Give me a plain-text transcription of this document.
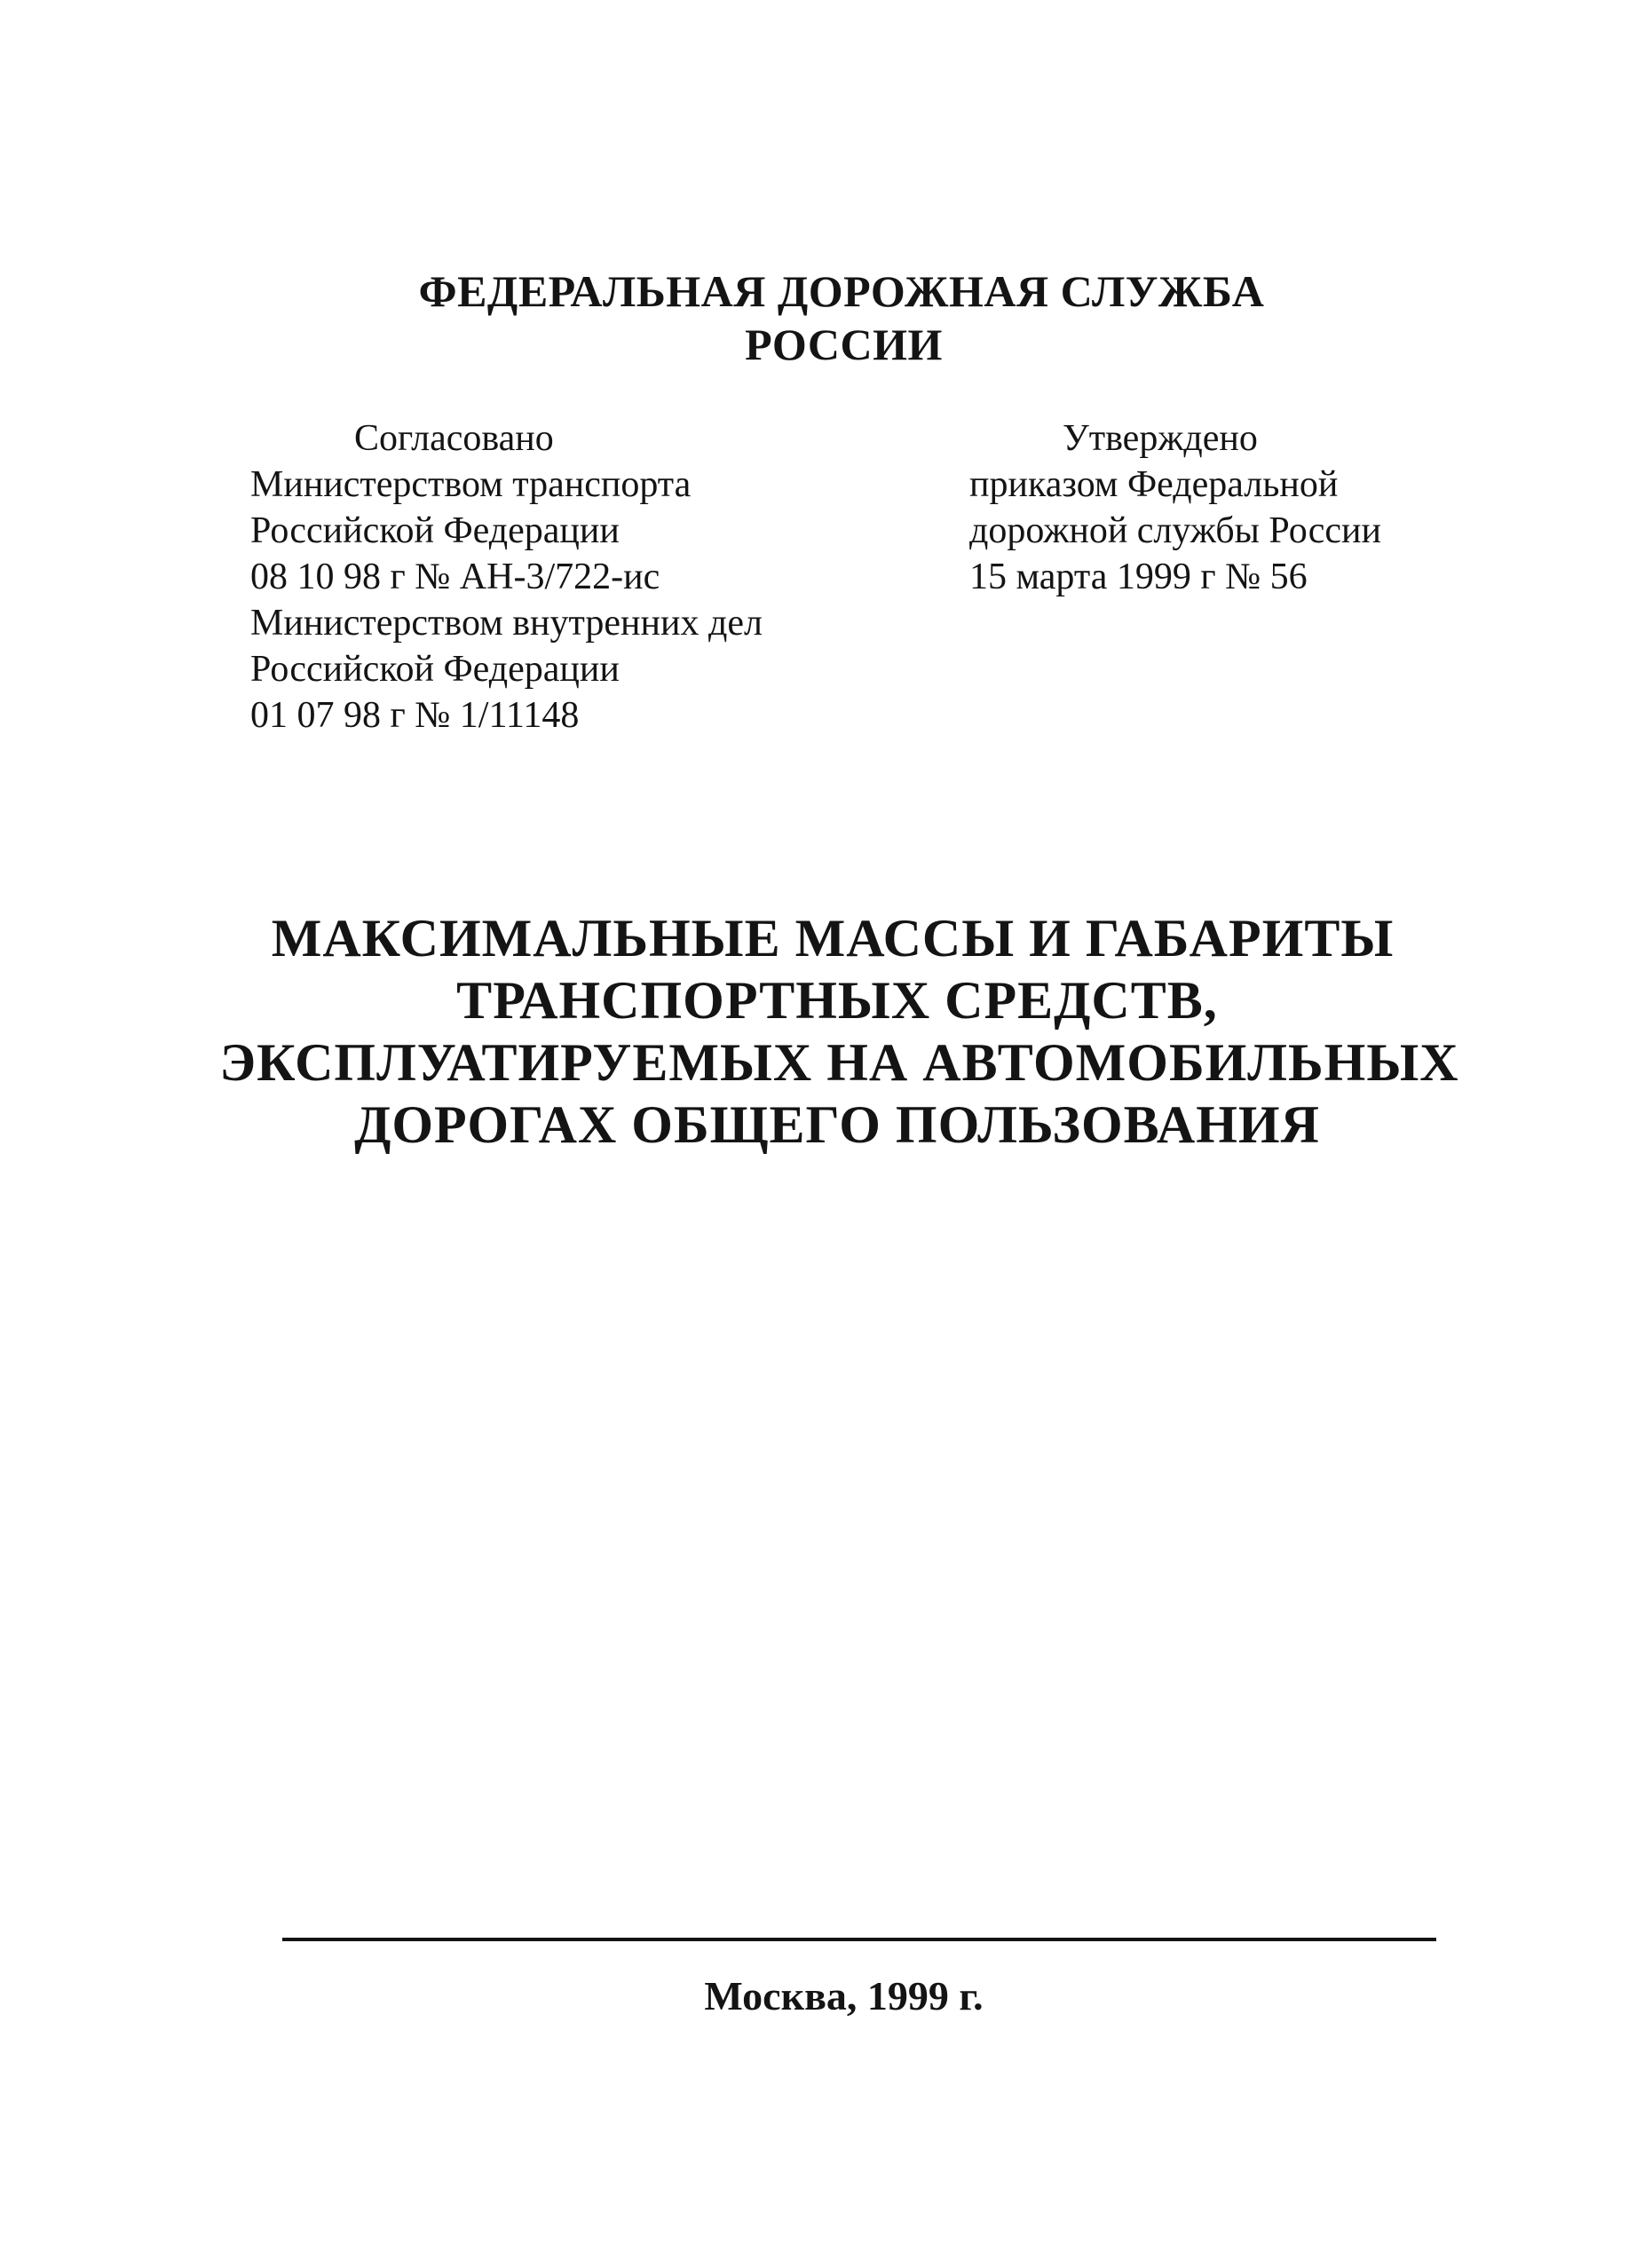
ФЕДЕРАЛЬНАЯ ДОРОЖНАЯ СЛУЖБА
РОССИИ
Согласовано
Министерством транспорта
Российской Федерации
08 10 98 г № АН-3/722-ис
Министерством внутренних дел
Российской Федерации
01 07 98 г № 1/11148
Утверждено
приказом Федеральной
дорожной службы России
15 марта 1999 г № 56
МАКСИМАЛЬНЫЕ МАССЫ И ГАБАРИТЫ
ТРАНСПОРТНЫХ СРЕДСТВ,
ЭКСПЛУАТИРУЕМЫХ НА АВТОМОБИЛЬНЫХ
ДОРОГАХ ОБЩЕГО ПОЛЬЗОВАНИЯ
Москва, 1999 г.
